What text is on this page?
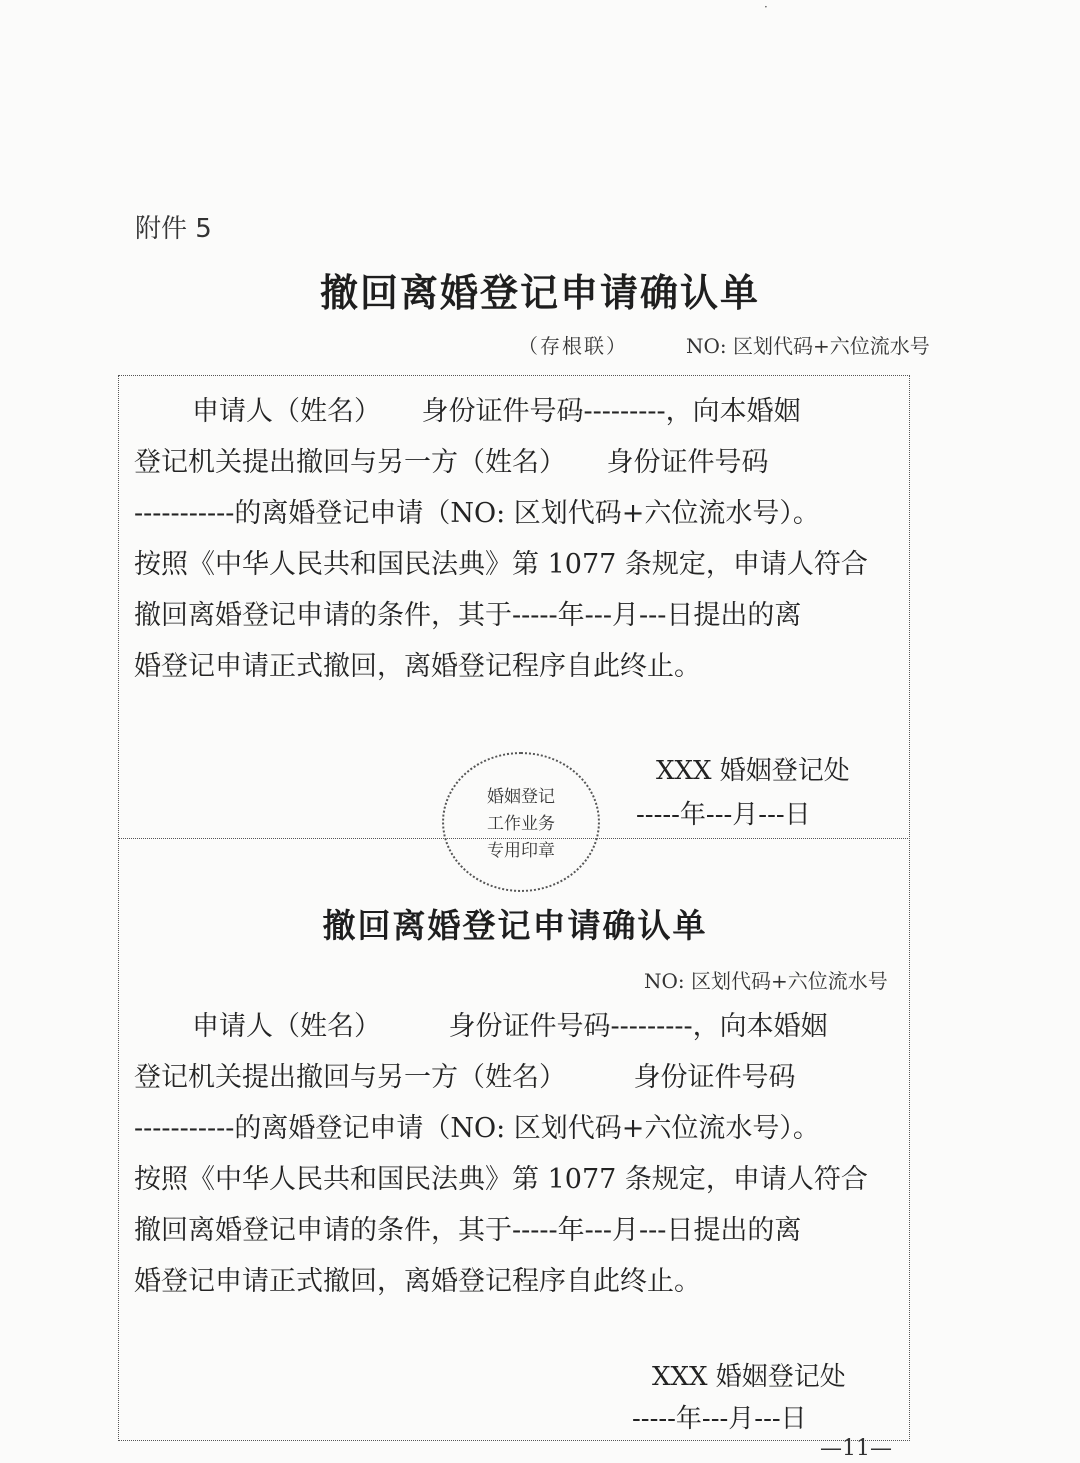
·
附件 5
撤回离婚登记申请确认单
（存根联）	NO: 区划代码+六位流水号

申请人（姓名）　　身份证件号码---------，向本婚姻

登记机关提出撤回与另一方（姓名）　　身份证件号码

-----------的离婚登记申请（NO: 区划代码+六位流水号）。

按照《中华人民共和国民法典》第 1077 条规定，申请人符合

撤回离婚登记申请的条件，其于-----年---月---日提出的离

婚登记申请正式撤回，离婚登记程序自此终止。

XXX 婚姻登记处
-----年---月---日
婚姻登记
工作业务
专用印章
撤回离婚登记申请确认单
NO: 区划代码+六位流水号

申请人（姓名）　　　身份证件号码---------，向本婚姻

登记机关提出撤回与另一方（姓名）　　　身份证件号码

-----------的离婚登记申请（NO: 区划代码+六位流水号）。

按照《中华人民共和国民法典》第 1077 条规定，申请人符合

撤回离婚登记申请的条件，其于-----年---月---日提出的离

婚登记申请正式撤回，离婚登记程序自此终止。

XXX 婚姻登记处
-----年---月---日
—11—
